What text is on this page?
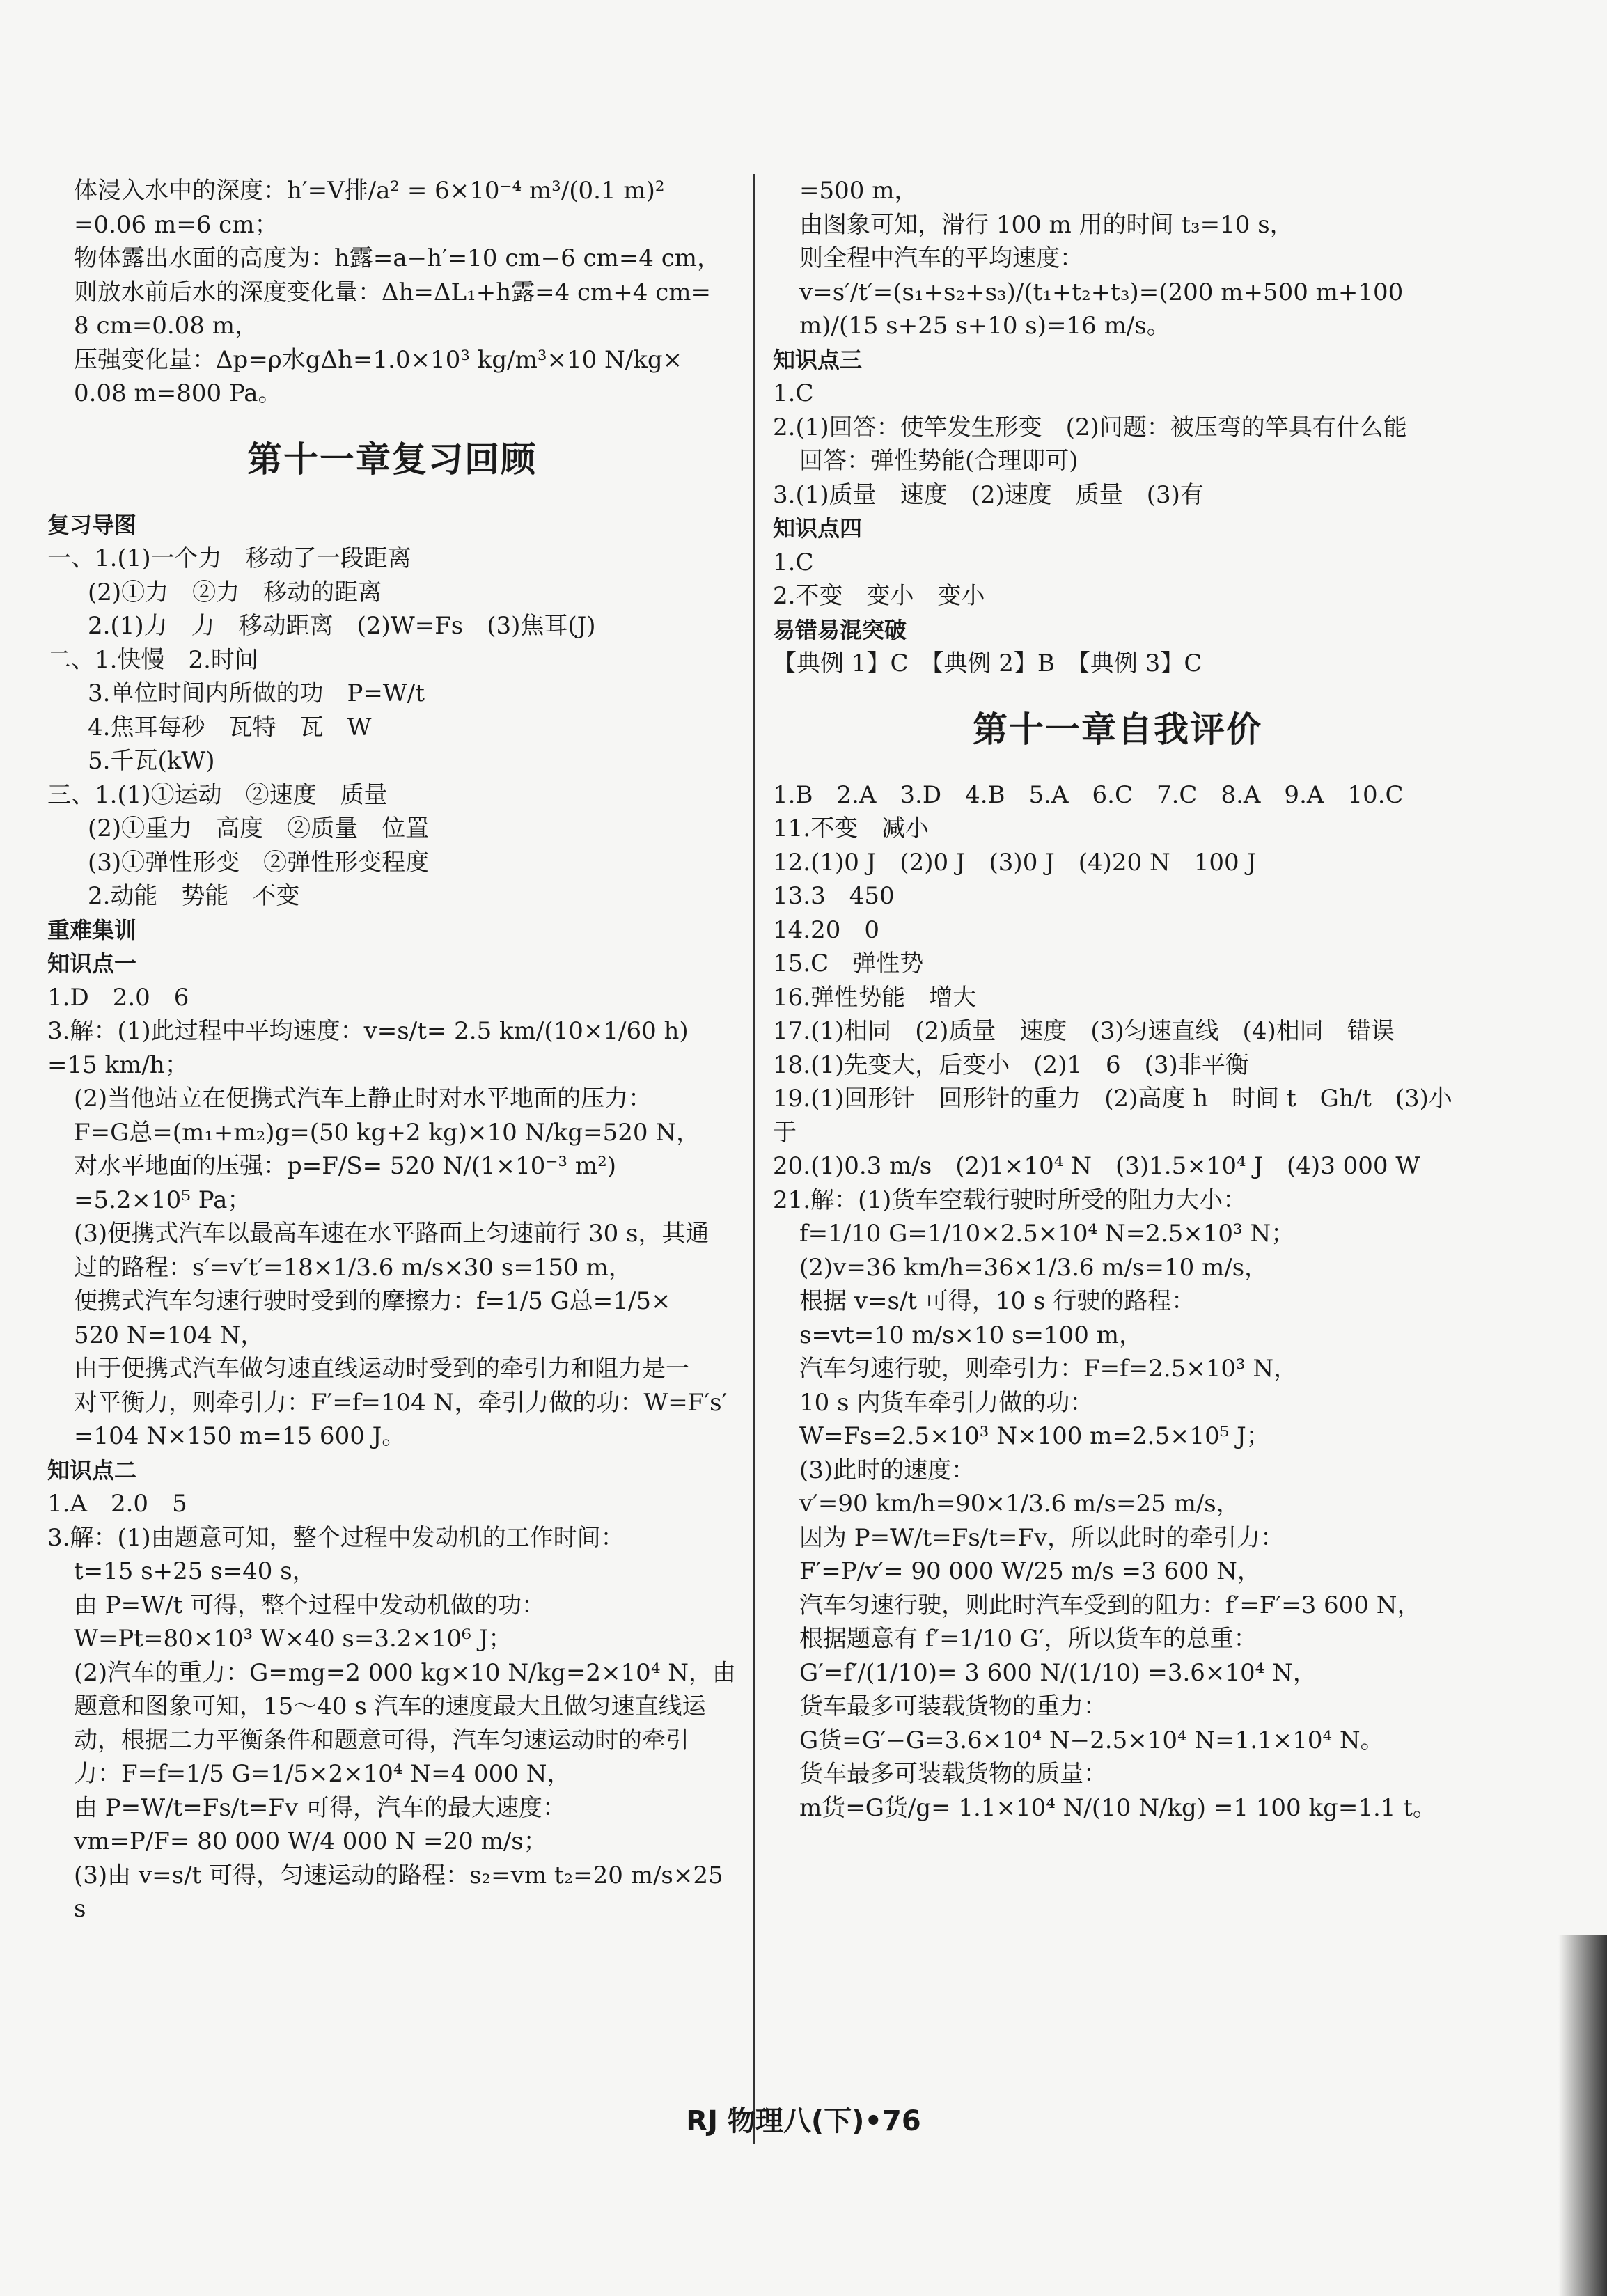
体浸入水中的深度：h′=V排/a² = 6×10⁻⁴ m³/(0.1 m)² =0.06 m=6 cm；
物体露出水面的高度为：h露=a−h′=10 cm−6 cm=4 cm，
则放水前后水的深度变化量：Δh=ΔL₁+h露=4 cm+4 cm=
8 cm=0.08 m，
压强变化量：Δp=ρ水gΔh=1.0×10³ kg/m³×10 N/kg×
0.08 m=800 Pa。
第十一章复习回顾
复习导图
一、1.(1)一个力　移动了一段距离
(2)①力　②力　移动的距离
2.(1)力　力　移动距离　(2)W=Fs　(3)焦耳(J)
二、1.快慢　2.时间
3.单位时间内所做的功　P=W/t
4.焦耳每秒　瓦特　瓦　W
5.千瓦(kW)
三、1.(1)①运动　②速度　质量
(2)①重力　高度　②质量　位置
(3)①弹性形变　②弹性形变程度
2.动能　势能　不变
重难集训
知识点一
1.D　2.0　6
3.解：(1)此过程中平均速度：v=s/t= 2.5 km/(10×1/60 h) =15 km/h；
(2)当他站立在便携式汽车上静止时对水平地面的压力：
F=G总=(m₁+m₂)g=(50 kg+2 kg)×10 N/kg=520 N，
对水平地面的压强：p=F/S= 520 N/(1×10⁻³ m²) =5.2×10⁵ Pa；
(3)便携式汽车以最高车速在水平路面上匀速前行 30 s，其通
过的路程：s′=v′t′=18×1/3.6 m/s×30 s=150 m，
便携式汽车匀速行驶时受到的摩擦力：f=1/5 G总=1/5×
520 N=104 N，
由于便携式汽车做匀速直线运动时受到的牵引力和阻力是一
对平衡力，则牵引力：F′=f=104 N，牵引力做的功：W=F′s′
=104 N×150 m=15 600 J。
知识点二
1.A　2.0　5
3.解：(1)由题意可知，整个过程中发动机的工作时间：
t=15 s+25 s=40 s，
由 P=W/t 可得，整个过程中发动机做的功：
W=Pt=80×10³ W×40 s=3.2×10⁶ J；
(2)汽车的重力：G=mg=2 000 kg×10 N/kg=2×10⁴ N，由
题意和图象可知，15～40 s 汽车的速度最大且做匀速直线运
动，根据二力平衡条件和题意可得，汽车匀速运动时的牵引
力：F=f=1/5 G=1/5×2×10⁴ N=4 000 N，
由 P=W/t=Fs/t=Fv 可得，汽车的最大速度：
vm=P/F= 80 000 W/4 000 N =20 m/s；
(3)由 v=s/t 可得，匀速运动的路程：s₂=vm t₂=20 m/s×25 s
=500 m，
由图象可知，滑行 100 m 用的时间 t₃=10 s，
则全程中汽车的平均速度：
v=s′/t′=(s₁+s₂+s₃)/(t₁+t₂+t₃)=(200 m+500 m+100 m)/(15 s+25 s+10 s)=16 m/s。
知识点三
1.C
2.(1)回答：使竿发生形变　(2)问题：被压弯的竿具有什么能
回答：弹性势能(合理即可)
3.(1)质量　速度　(2)速度　质量　(3)有
知识点四
1.C
2.不变　变小　变小
易错易混突破
【典例 1】C　【典例 2】B　【典例 3】C
第十一章自我评价
1.B　2.A　3.D　4.B　5.A　6.C　7.C　8.A　9.A　10.C
11.不变　减小
12.(1)0 J　(2)0 J　(3)0 J　(4)20 N　100 J
13.3　450
14.20　0
15.C　弹性势
16.弹性势能　增大
17.(1)相同　(2)质量　速度　(3)匀速直线　(4)相同　错误
18.(1)先变大，后变小　(2)1　6　(3)非平衡
19.(1)回形针　回形针的重力　(2)高度 h　时间 t　Gh/t　(3)小于
20.(1)0.3 m/s　(2)1×10⁴ N　(3)1.5×10⁴ J　(4)3 000 W
21.解：(1)货车空载行驶时所受的阻力大小：
f=1/10 G=1/10×2.5×10⁴ N=2.5×10³ N；
(2)v=36 km/h=36×1/3.6 m/s=10 m/s，
根据 v=s/t 可得，10 s 行驶的路程：
s=vt=10 m/s×10 s=100 m，
汽车匀速行驶，则牵引力：F=f=2.5×10³ N，
10 s 内货车牵引力做的功：
W=Fs=2.5×10³ N×100 m=2.5×10⁵ J；
(3)此时的速度：
v′=90 km/h=90×1/3.6 m/s=25 m/s，
因为 P=W/t=Fs/t=Fv，所以此时的牵引力：
F′=P/v′= 90 000 W/25 m/s =3 600 N，
汽车匀速行驶，则此时汽车受到的阻力：f′=F′=3 600 N，
根据题意有 f′=1/10 G′，所以货车的总重：
G′=f′/(1/10)= 3 600 N/(1/10) =3.6×10⁴ N，
货车最多可装载货物的重力：
G货=G′−G=3.6×10⁴ N−2.5×10⁴ N=1.1×10⁴ N。
货车最多可装载货物的质量：
m货=G货/g= 1.1×10⁴ N/(10 N/kg) =1 100 kg=1.1 t。
RJ 物理八(下)•76
